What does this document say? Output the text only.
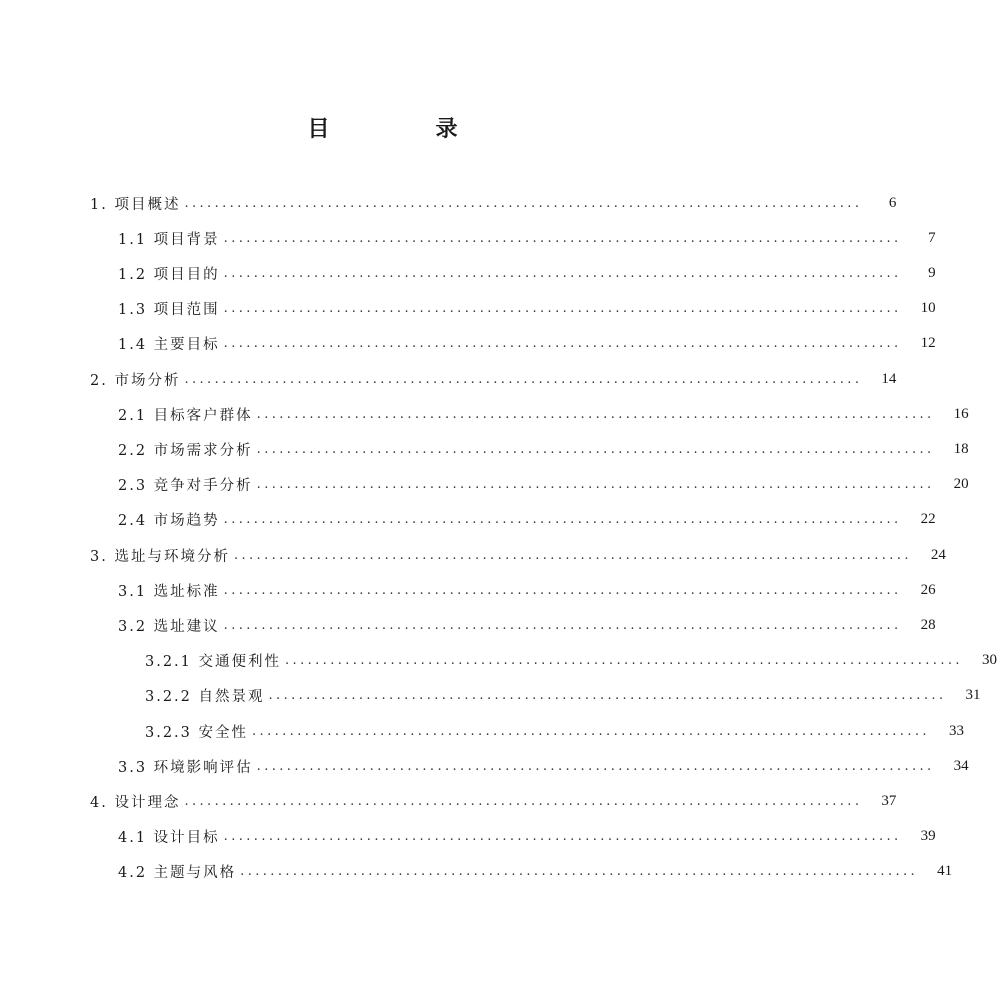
目　录
1. 项目概述 ..........................................................................................	6
1.1 项目背景 ..........................................................................................	7
1.2 项目目的 ..........................................................................................	9
1.3 项目范围 ..........................................................................................	10
1.4 主要目标 ..........................................................................................	12
2. 市场分析 ..........................................................................................	14
2.1 目标客户群体 ..........................................................................................	16
2.2 市场需求分析 ..........................................................................................	18
2.3 竞争对手分析 ..........................................................................................	20
2.4 市场趋势 ..........................................................................................	22
3. 选址与环境分析 ..........................................................................................	24
3.1 选址标准 ..........................................................................................	26
3.2 选址建议 ..........................................................................................	28
3.2.1 交通便利性 ..........................................................................................	30
3.2.2 自然景观 ..........................................................................................	31
3.2.3 安全性 ..........................................................................................	33
3.3 环境影响评估 ..........................................................................................	34
4. 设计理念 ..........................................................................................	37
4.1 设计目标 ..........................................................................................	39
4.2 主题与风格 ..........................................................................................	41
